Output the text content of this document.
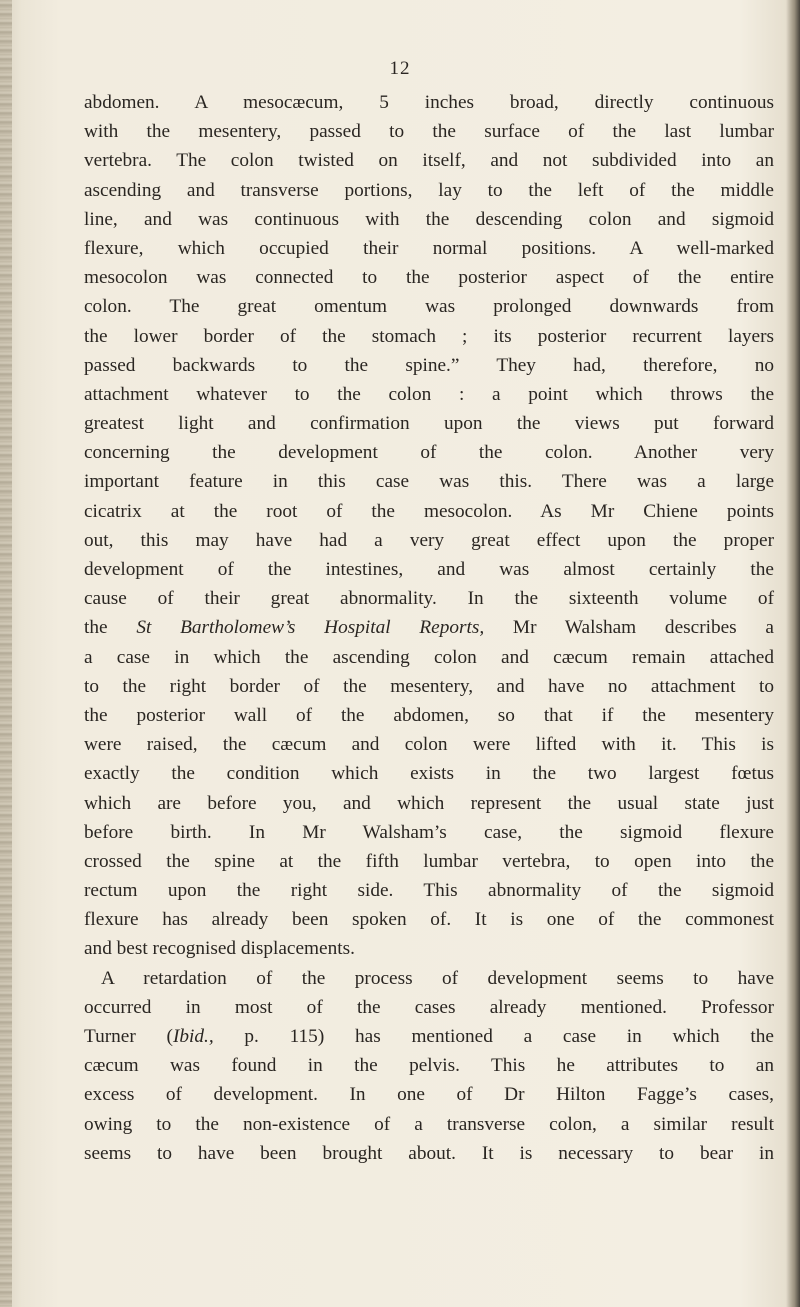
12
abdomen. A mesocæcum, 5 inches broad, directly continuous
with the mesentery, passed to the surface of the last lumbar
vertebra. The colon twisted on itself, and not subdivided into an
ascending and transverse portions, lay to the left of the middle
line, and was continuous with the descending colon and sigmoid
flexure, which occupied their normal positions. A well-marked
mesocolon was connected to the posterior aspect of the entire
colon. The great omentum was prolonged downwards from
the lower border of the stomach ; its posterior recurrent layers
passed backwards to the spine.” They had, therefore, no
attachment whatever to the colon : a point which throws the
greatest light and confirmation upon the views put forward
concerning the development of the colon. Another very
important feature in this case was this. There was a large
cicatrix at the root of the mesocolon. As Mr Chiene points
out, this may have had a very great effect upon the proper
development of the intestines, and was almost certainly the
cause of their great abnormality. In the sixteenth volume of
the St Bartholomew’s Hospital Reports, Mr Walsham describes a
a case in which the ascending colon and cæcum remain attached
to the right border of the mesentery, and have no attachment to
the posterior wall of the abdomen, so that if the mesentery
were raised, the cæcum and colon were lifted with it. This is
exactly the condition which exists in the two largest fœtus
which are before you, and which represent the usual state just
before birth. In Mr Walsham’s case, the sigmoid flexure
crossed the spine at the fifth lumbar vertebra, to open into the
rectum upon the right side. This abnormality of the sigmoid
flexure has already been spoken of. It is one of the commonest
and best recognised displacements.
A retardation of the process of development seems to have
occurred in most of the cases already mentioned. Professor
Turner (Ibid., p. 115) has mentioned a case in which the
cæcum was found in the pelvis. This he attributes to an
excess of development. In one of Dr Hilton Fagge’s cases,
owing to the non-existence of a transverse colon, a similar result
seems to have been brought about. It is necessary to bear in
